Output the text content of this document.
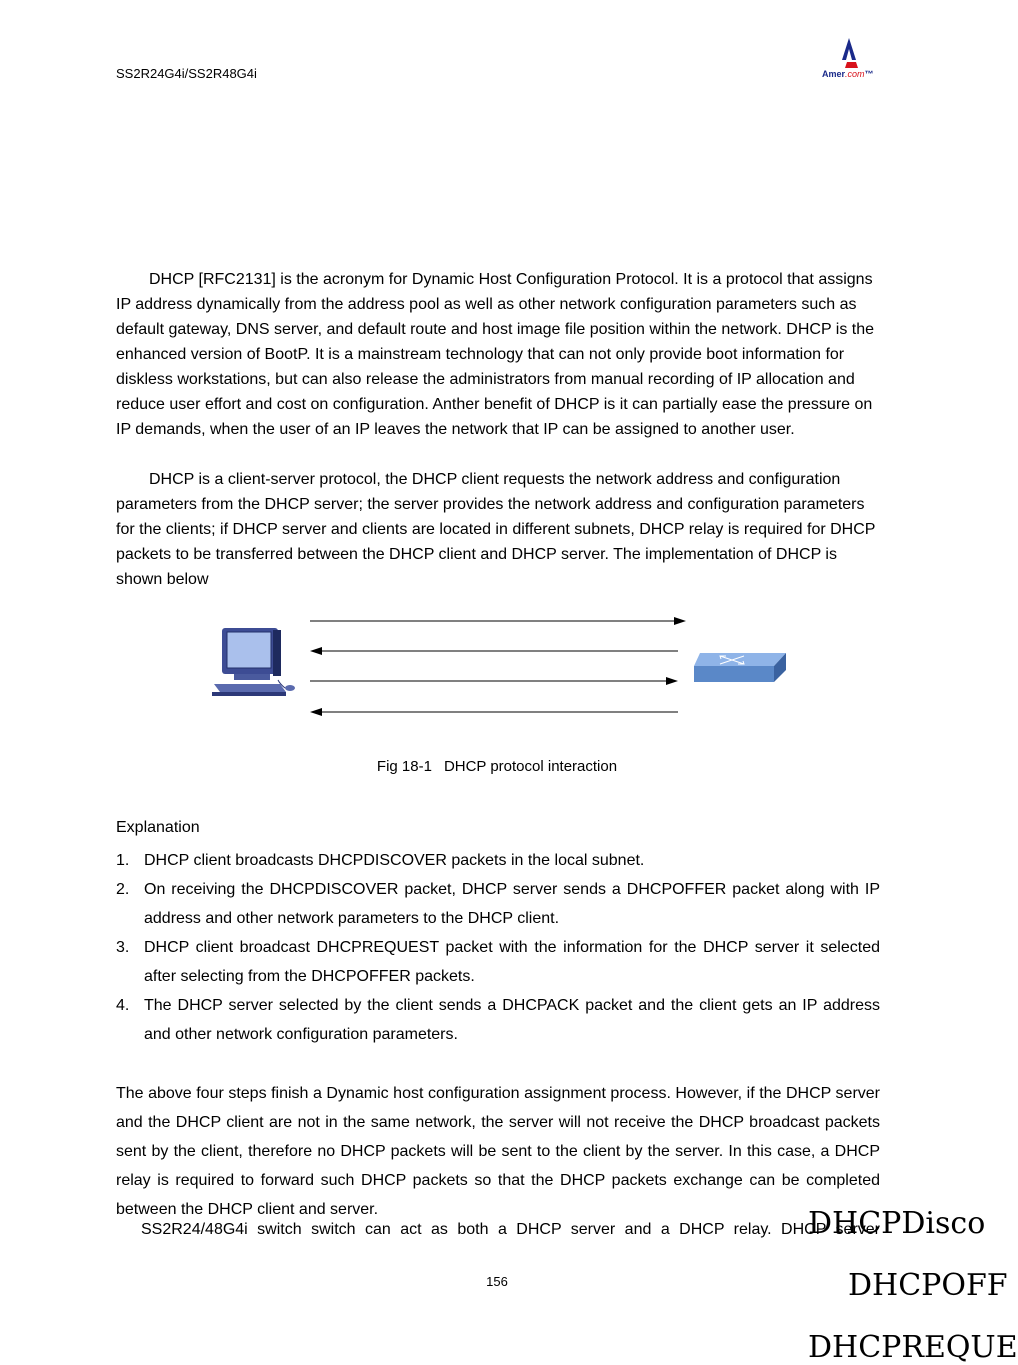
SS2R24G4i/SS2R48G4i	Amer.com™

DHCP [RFC2131] is the acronym for Dynamic Host Configuration Protocol. It is a protocol that assigns IP address dynamically from the address pool as well as other network configuration parameters such as default gateway, DNS server, and default route and host image file position within the network. DHCP is the enhanced version of BootP. It is a mainstream technology that can not only provide boot information for diskless workstations, but can also release the administrators from manual recording of IP allocation and reduce user effort and cost on configuration. Anther benefit of DHCP is it can partially ease the pressure on IP demands, when the user of an IP leaves the network that IP can be assigned to another user.

DHCP is a client-server protocol, the DHCP client requests the network address and configuration parameters from the DHCP server; the server provides the network address and configuration parameters for the clients; if DHCP server and clients are located in different subnets, DHCP relay is required for DHCP packets to be transferred between the DHCP client and DHCP server. The implementation of DHCP is shown below

Fig 18-1 DHCP protocol interaction
Explanation
1. DHCP client broadcasts DHCPDISCOVER packets in the local subnet.
2. On receiving the DHCPDISCOVER packet, DHCP server sends a DHCPOFFER packet along with IP address and other network parameters to the DHCP client.
3. DHCP client broadcast DHCPREQUEST packet with the information for the DHCP server it selected after selecting from the DHCPOFFER packets.
4. The DHCP server selected by the client sends a DHCPACK packet and the client gets an IP address and other network configuration parameters.

The above four steps finish a Dynamic host configuration assignment process. However, if the DHCP server and the DHCP client are not in the same network, the server will not receive the DHCP broadcast packets sent by the client, therefore no DHCP packets will be sent to the client by the server. In this case, a DHCP relay is required to forward such DHCP packets so that the DHCP packets exchange can be completed between the DHCP client and server.

SS2R24/48G4i switch switch can act as both a DHCP server and a DHCP relay. DHCP server
DHCPDisco
DHCPOFF
DHCPREQUE
156
